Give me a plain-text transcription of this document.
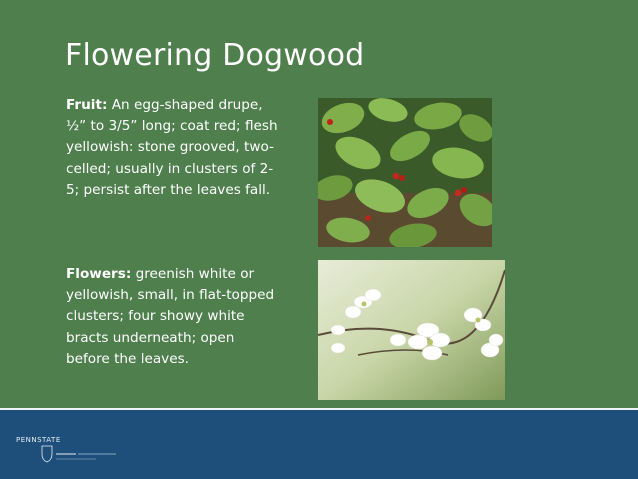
Flowering Dogwood
Fruit: An egg-shaped drupe, ½” to 3/5” long; coat red; flesh yellowish: stone grooved, two-celled; usually in clusters of 2-5; persist after the leaves fall.
Flowers: greenish white or yellowish, small, in flat-topped clusters; four showy white bracts underneath; open before the leaves.
PENNSTATE
